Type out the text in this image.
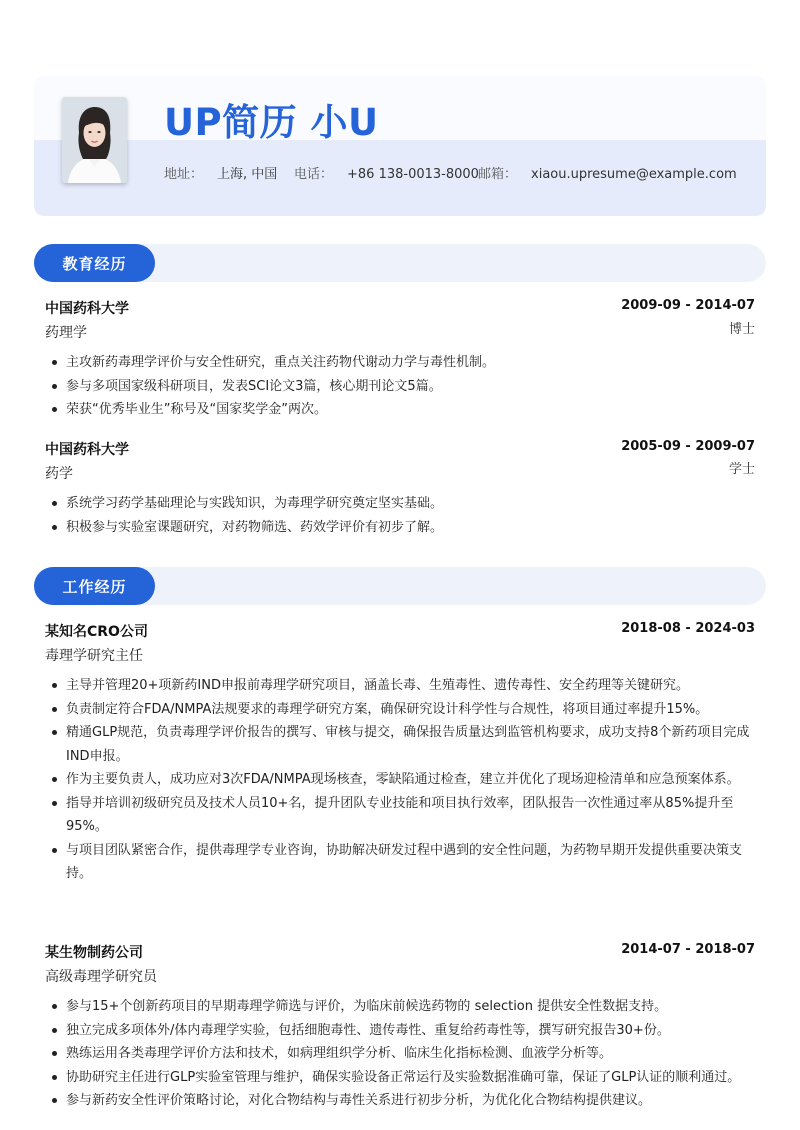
UP简历 小U
地址： 上海, 中国 电话： +86 138-0013-8000 邮箱： xiaou.upresume@example.com
教育经历
中国药科大学	2009-09 - 2014-07
药理学	博士
主攻新药毒理学评价与安全性研究，重点关注药物代谢动力学与毒性机制。
参与多项国家级科研项目，发表SCI论文3篇，核心期刊论文5篇。
荣获“优秀毕业生”称号及“国家奖学金”两次。
中国药科大学	2005-09 - 2009-07
药学	学士
系统学习药学基础理论与实践知识，为毒理学研究奠定坚实基础。
积极参与实验室课题研究，对药物筛选、药效学评价有初步了解。
工作经历
某知名CRO公司	2018-08 - 2024-03
毒理学研究主任
主导并管理20+项新药IND申报前毒理学研究项目，涵盖长毒、生殖毒性、遗传毒性、安全药理等关键研究。
负责制定符合FDA/NMPA法规要求的毒理学研究方案，确保研究设计科学性与合规性，将项目通过率提升15%。
精通GLP规范，负责毒理学评价报告的撰写、审核与提交，确保报告质量达到监管机构要求，成功支持8个新药项目完成IND申报。
作为主要负责人，成功应对3次FDA/NMPA现场核查，零缺陷通过检查，建立并优化了现场迎检清单和应急预案体系。
指导并培训初级研究员及技术人员10+名，提升团队专业技能和项目执行效率，团队报告一次性通过率从85%提升至95%。
与项目团队紧密合作，提供毒理学专业咨询，协助解决研发过程中遇到的安全性问题，为药物早期开发提供重要决策支持。
某生物制药公司	2014-07 - 2018-07
高级毒理学研究员
参与15+个创新药项目的早期毒理学筛选与评价，为临床前候选药物的 selection 提供安全性数据支持。
独立完成多项体外/体内毒理学实验，包括细胞毒性、遗传毒性、重复给药毒性等，撰写研究报告30+份。
熟练运用各类毒理学评价方法和技术，如病理组织学分析、临床生化指标检测、血液学分析等。
协助研究主任进行GLP实验室管理与维护，确保实验设备正常运行及实验数据准确可靠，保证了GLP认证的顺利通过。
参与新药安全性评价策略讨论，对化合物结构与毒性关系进行初步分析，为优化化合物结构提供建议。
